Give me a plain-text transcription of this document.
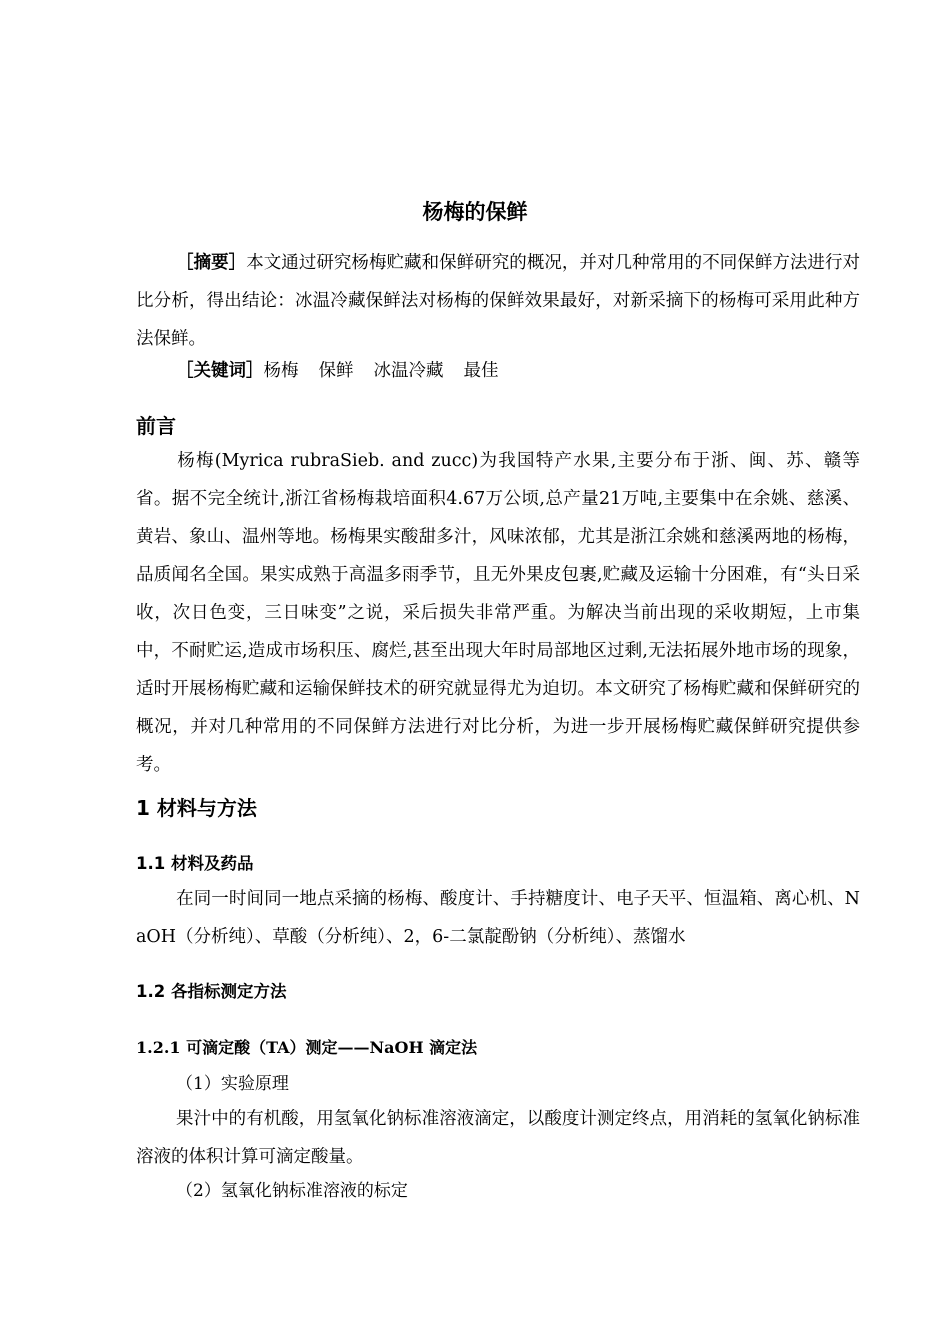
杨梅的保鲜

［摘要］本文通过研究杨梅贮藏和保鲜研究的概况，并对几种常用的不同保鲜方法进行对比分析，得出结论：冰温冷藏保鲜法对杨梅的保鲜效果最好，对新采摘下的杨梅可采用此种方法保鲜。

［关键词］杨梅 保鲜 冰温冷藏 最佳

前言

杨梅(Myrica rubraSieb. and zucc)为我国特产水果,主要分布于浙、闽、苏、赣等省。据不完全统计,浙江省杨梅栽培面积4.67万公顷,总产量21万吨,主要集中在余姚、慈溪、黄岩、象山、温州等地。杨梅果实酸甜多汁，风味浓郁，尤其是浙江余姚和慈溪两地的杨梅，品质闻名全国。果实成熟于高温多雨季节，且无外果皮包裹,贮藏及运输十分困难，有“头日采收，次日色变，三日味变”之说，采后损失非常严重。为解决当前出现的采收期短，上市集中，不耐贮运,造成市场积压、腐烂,甚至出现大年时局部地区过剩,无法拓展外地市场的现象，适时开展杨梅贮藏和运输保鲜技术的研究就显得尤为迫切。本文研究了杨梅贮藏和保鲜研究的概况，并对几种常用的不同保鲜方法进行对比分析，为进一步开展杨梅贮藏保鲜研究提供参考。

1 材料与方法
1.1 材料及药品

在同一时间同一地点采摘的杨梅、酸度计、手持糖度计、电子天平、恒温箱、离心机、NaOH（分析纯）、草酸（分析纯）、2，6-二氯靛酚钠（分析纯）、蒸馏水

1.2 各指标测定方法
1.2.1 可滴定酸（TA）测定——NaOH 滴定法

（1）实验原理

果汁中的有机酸，用氢氧化钠标准溶液滴定，以酸度计测定终点，用消耗的氢氧化钠标准溶液的体积计算可滴定酸量。

（2）氢氧化钠标准溶液的标定
